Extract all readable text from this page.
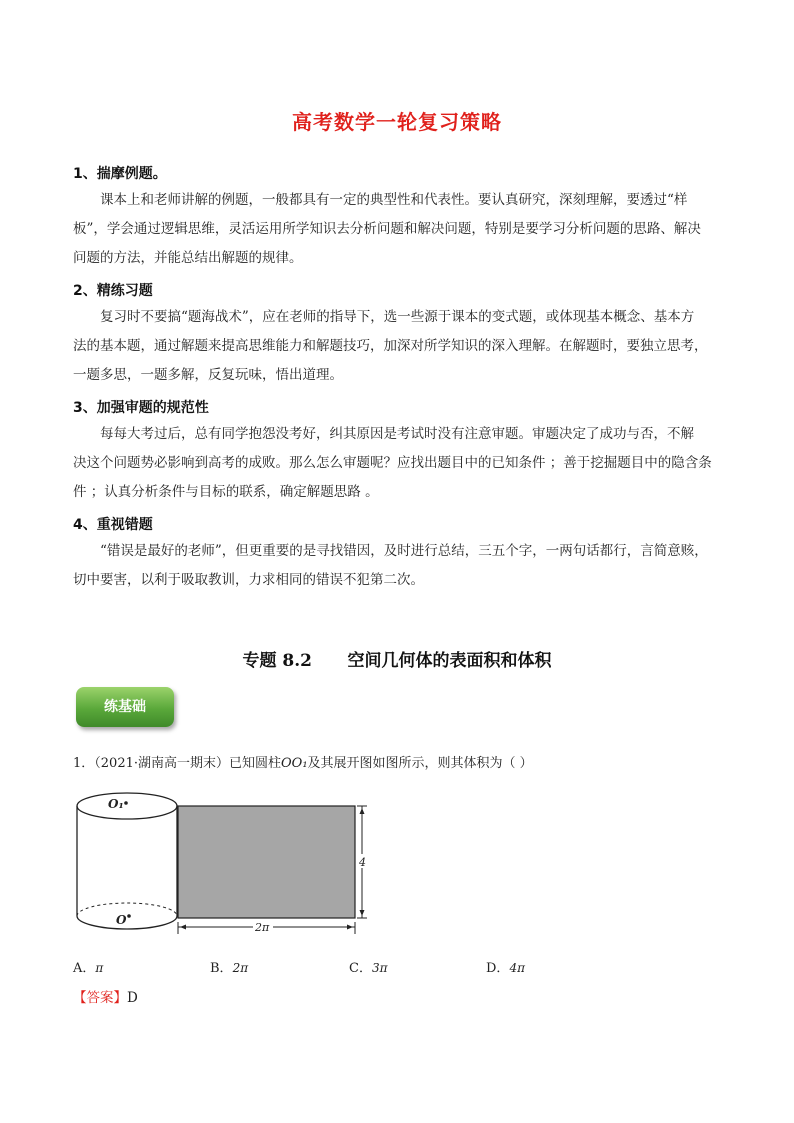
高考数学一轮复习策略
1、揣摩例题。
课本上和老师讲解的例题，一般都具有一定的典型性和代表性。要认真研究，深刻理解，要透过“样
板”，学会通过逻辑思维，灵活运用所学知识去分析问题和解决问题，特别是要学习分析问题的思路、解决
问题的方法，并能总结出解题的规律。
2、精练习题
复习时不要搞“题海战术”，应在老师的指导下，选一些源于课本的变式题，或体现基本概念、基本方
法的基本题，通过解题来提高思维能力和解题技巧，加深对所学知识的深入理解。在解题时，要独立思考，
一题多思，一题多解，反复玩味，悟出道理。
3、加强审题的规范性
每每大考过后，总有同学抱怨没考好，纠其原因是考试时没有注意审题。审题决定了成功与否，不解
决这个问题势必影响到高考的成败。那么怎么审题呢？应找出题目中的已知条件 ；善于挖掘题目中的隐含条
件 ；认真分析条件与目标的联系，确定解题思路 。
4、重视错题
“错误是最好的老师”，但更重要的是寻找错因，及时进行总结，三五个字，一两句话都行，言简意赅，
切中要害，以利于吸取教训，力求相同的错误不犯第二次。
专题 8.2      空间几何体的表面积和体积
练基础
1．（2021·湖南高一期末）已知圆柱OO₁及其展开图如图所示，则其体积为（ ）
O₁
O
4
2π
A．π	B．2π	C．3π	D．4π
【答案】D
